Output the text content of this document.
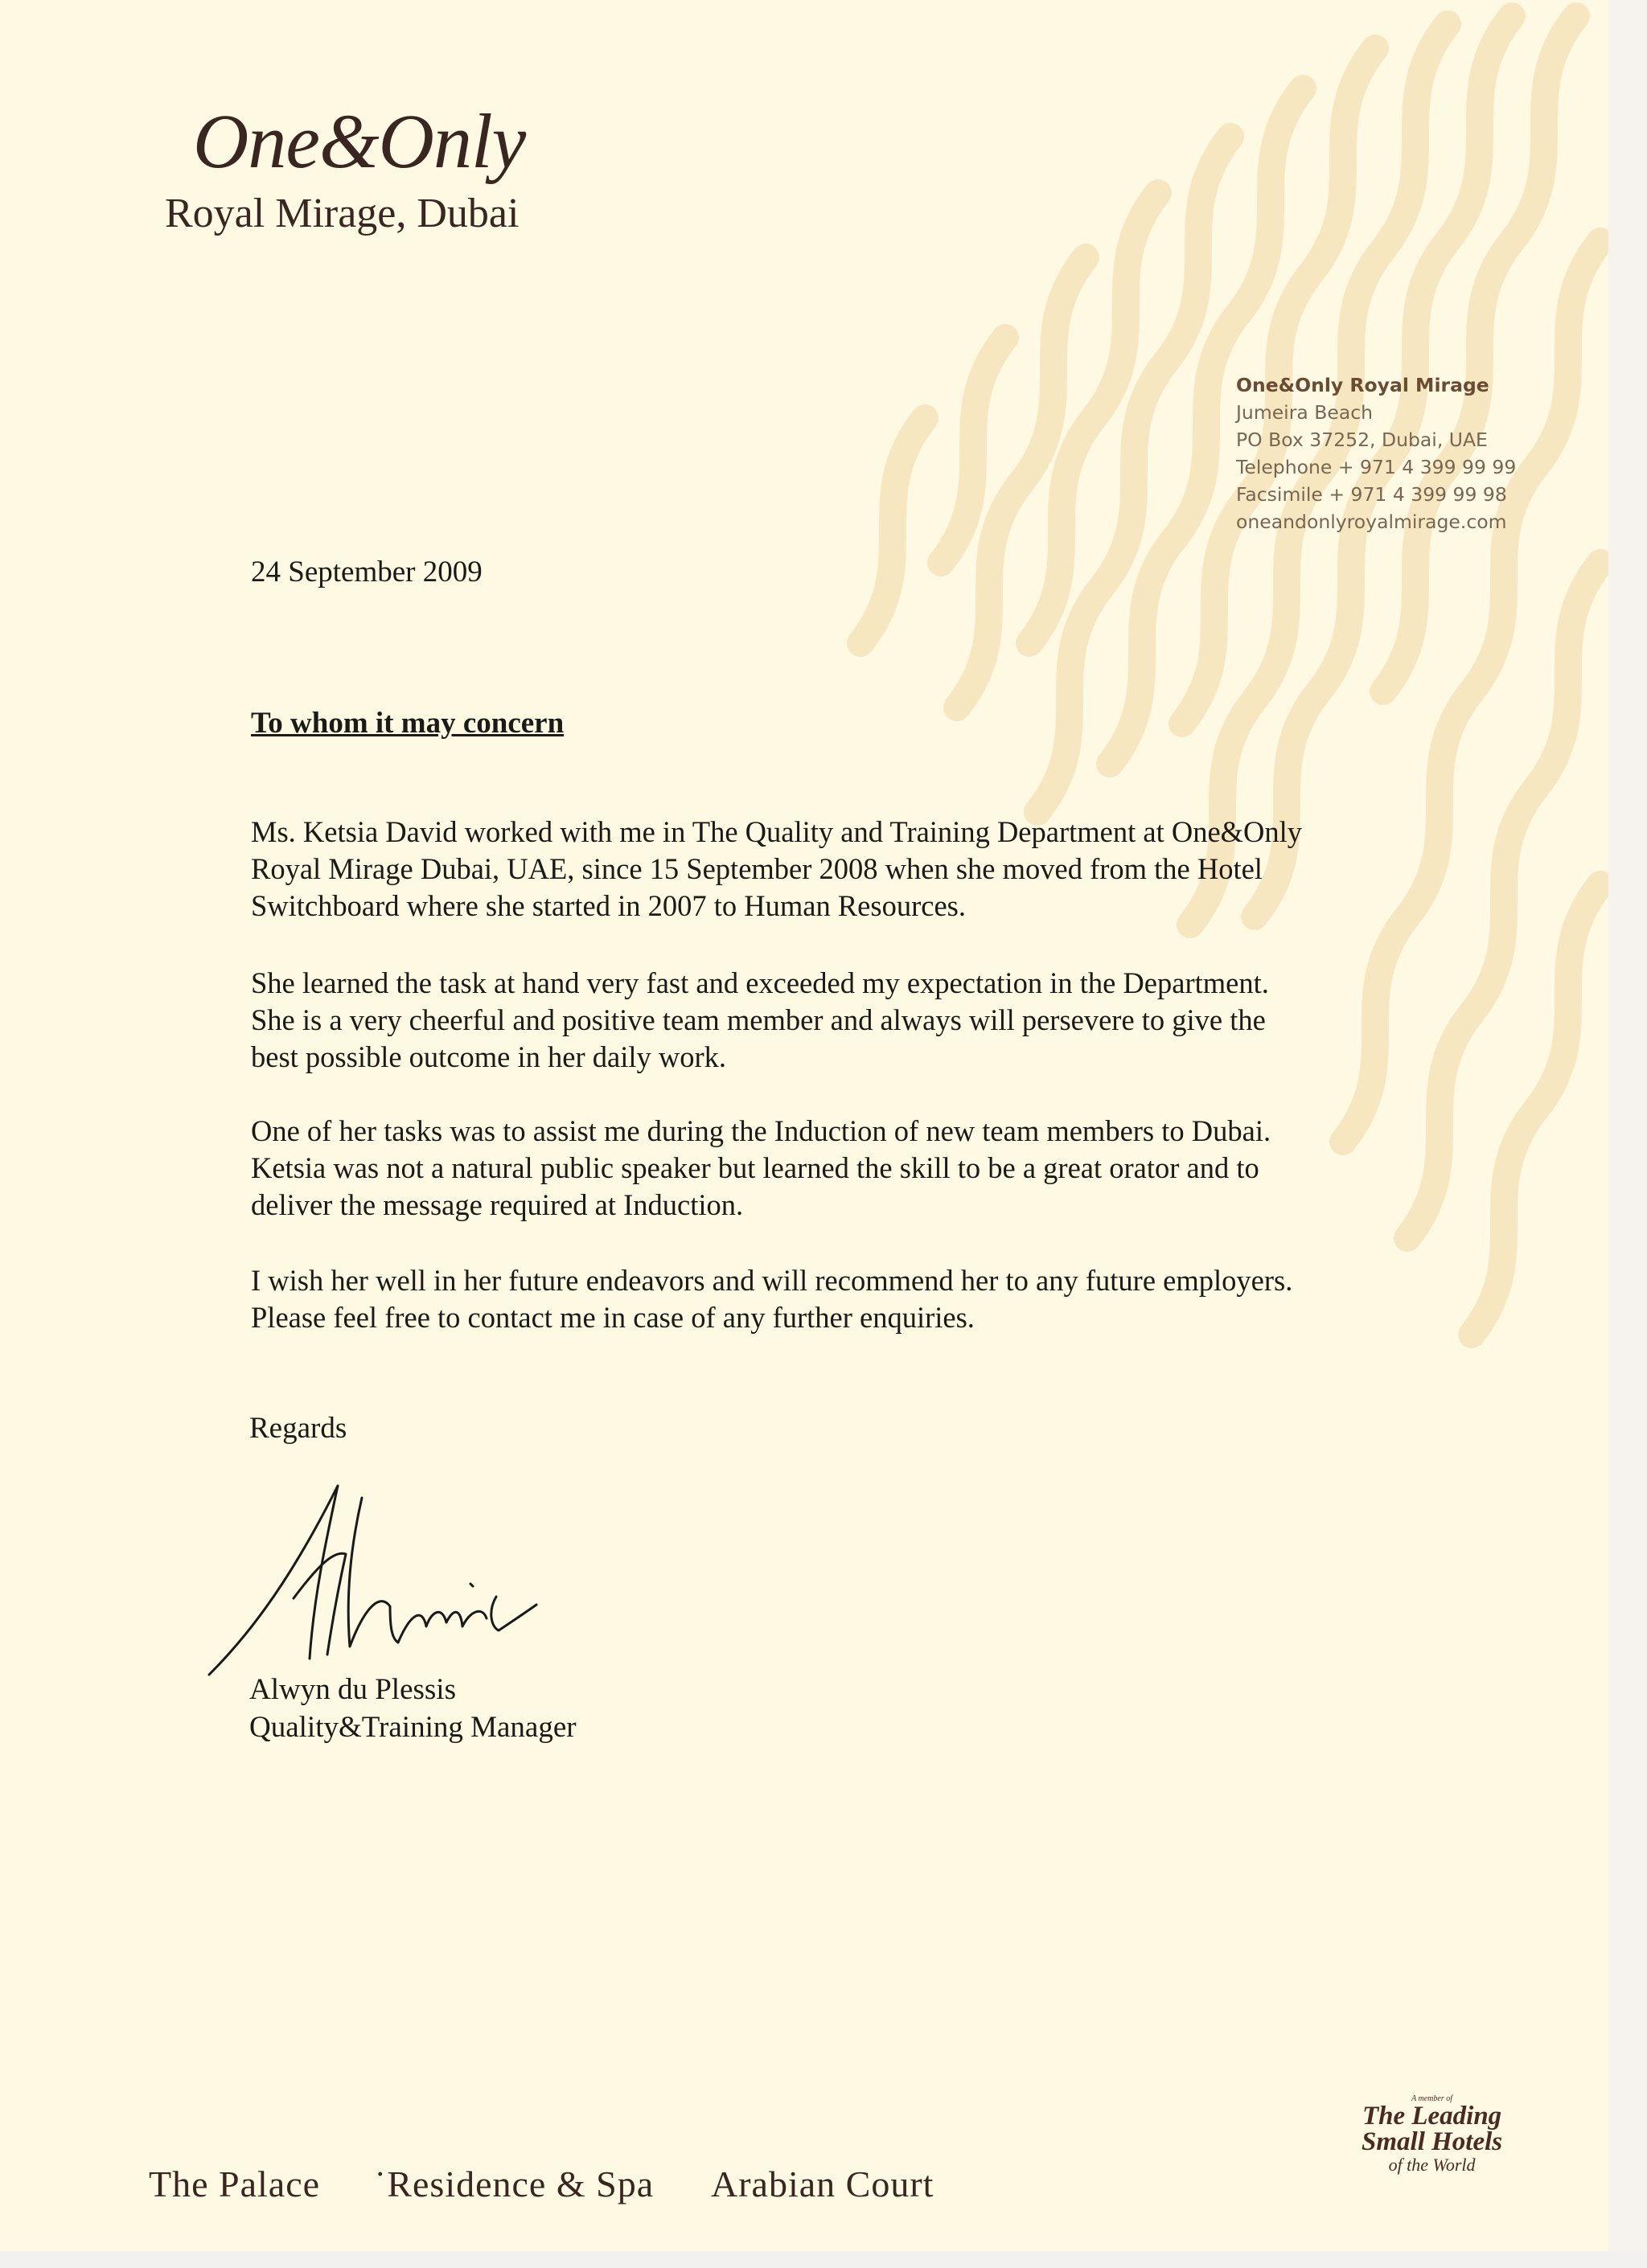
One&Only
Royal Mirage, Dubai
One&Only Royal Mirage
Jumeira Beach
PO Box 37252, Dubai, UAE
Telephone + 971 4 399 99 99
Facsimile + 971 4 399 99 98
oneandonlyroyalmirage.com
24 September 2009
To whom it may concern
Ms. Ketsia David worked with me in The Quality and Training Department at One&Only
Royal Mirage Dubai, UAE, since 15 September 2008 when she moved from the Hotel
Switchboard where she started in 2007 to Human Resources.
She learned the task at hand very fast and exceeded my expectation in the Department.
She is a very cheerful and positive team member and always will persevere to give the
best possible outcome in her daily work.
One of her tasks was to assist me during the Induction of new team members to Dubai.
Ketsia was not a natural public speaker but learned the skill to be a great orator and to
deliver the message required at Induction.
I wish her well in her future endeavors and will recommend her to any future employers.
Please feel free to contact me in case of any further enquiries.
Regards
Alwyn du Plessis
Quality&Training Manager
The Palace ˙Residence & Spa Arabian Court
A member of
The Leading
Small Hotels
of the World
